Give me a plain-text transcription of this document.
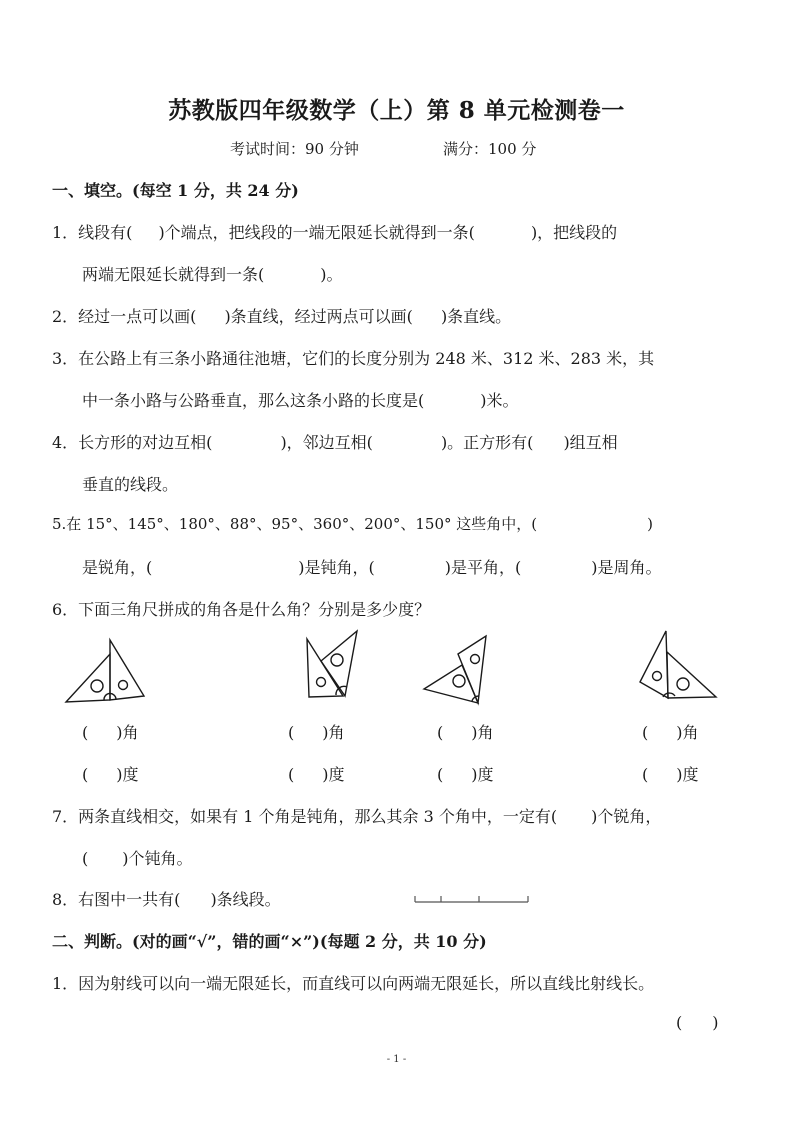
苏教版四年级数学（上）第 8 单元检测卷一
考试时间：90 分钟	满分：100 分
一、填空。(每空 1 分，共 24 分)
1．线段有( )个端点，把线段的一端无限延长就得到一条(	)，把线段的
两端无限延长就得到一条(	)。
2．经过一点可以画( )条直线，经过两点可以画( )条直线。
3．在公路上有三条小路通往池塘，它们的长度分别为 248 米、312 米、283 米，其
中一条小路与公路垂直，那么这条小路的长度是(	)米。
4．长方形的对边互相(	)，邻边互相(	)。正方形有( )组互相
垂直的线段。
5.在 15°、145°、180°、88°、95°、360°、200°、150° 这些角中，(	)
是锐角，(	)是钝角，(	)是平角，(	)是周角。
6．下面三角尺拼成的角各是什么角？分别是多少度？
( )角	( )角	( )角	( )角
( )度	( )度	( )度	( )度
7．两条直线相交，如果有 1 个角是钝角，那么其余 3 个角中，一定有( )个锐角，
( )个钝角。
8．右图中一共有( )条线段。
二、判断。(对的画“√”，错的画“×”)(每题 2 分，共 10 分)
1．因为射线可以向一端无限延长，而直线可以向两端无限延长，所以直线比射线长。
( )
- 1 -
